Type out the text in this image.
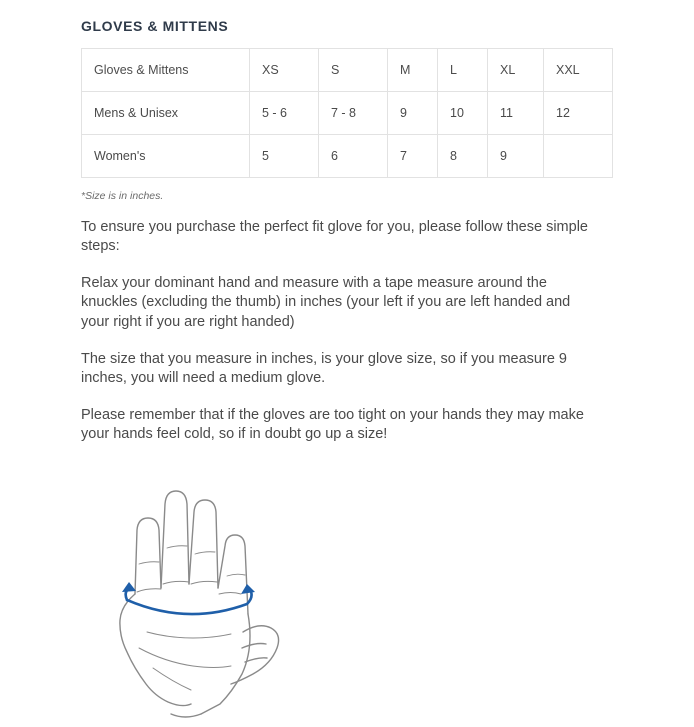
GLOVES & MITTENS
Gloves & Mittens	XS	S	M	L	XL	XXL
Mens & Unisex	5 - 6	7 - 8	9	10	11	12
Women's	5	6	7	8	9	

*Size is in inches.

To ensure you purchase the perfect fit glove for you, please follow these simple steps:

Relax your dominant hand and measure with a tape measure around the knuckles (excluding the thumb) in inches (your left if you are left handed and your right if you are right handed)

The size that you measure in inches, is your glove size, so if you measure 9 inches, you will need a medium glove.

Please remember that if the gloves are too tight on your hands they may make your hands feel cold, so if in doubt go up a size!
